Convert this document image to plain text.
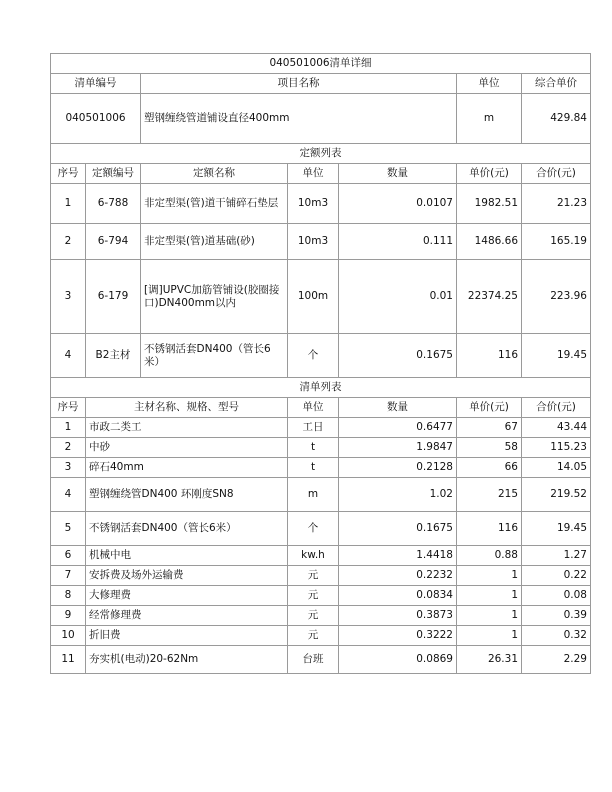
040501006清单详细						
清单编号		项目名称			单位	综合单价
040501006		塑钢缠绕管道铺设直径400mm			m	429.84
定额列表						
序号	定额编号	定额名称	单位	数量	单价(元)	合价(元)
1	6-788	非定型渠(管)道干铺碎石垫层	10m3	0.0107	1982.51	21.23
2	6-794	非定型渠(管)道基础(砂)	10m3	0.111	1486.66	165.19
3	6-179	[调]UPVC加筋管铺设(胶圈接口)DN400mm以内	100m	0.01	22374.25	223.96
4	B2主材	不锈钢活套DN400（管长6米）	个	0.1675	116	19.45
清单列表						
序号	主材名称、规格、型号		单位	数量	单价(元)	合价(元)
1	市政二类工		工日	0.6477	67	43.44
2	中砂		t	1.9847	58	115.23
3	碎石40mm		t	0.2128	66	14.05
4	塑钢缠绕管DN400 环刚度SN8		m	1.02	215	219.52
5	不锈钢活套DN400（管长6米）		个	0.1675	116	19.45
6	机械中电		kw.h	1.4418	0.88	1.27
7	安拆费及场外运输费		元	0.2232	1	0.22
8	大修理费		元	0.0834	1	0.08
9	经常修理费		元	0.3873	1	0.39
10	折旧费		元	0.3222	1	0.32
11	夯实机(电动)20-62Nm		台班	0.0869	26.31	2.29
